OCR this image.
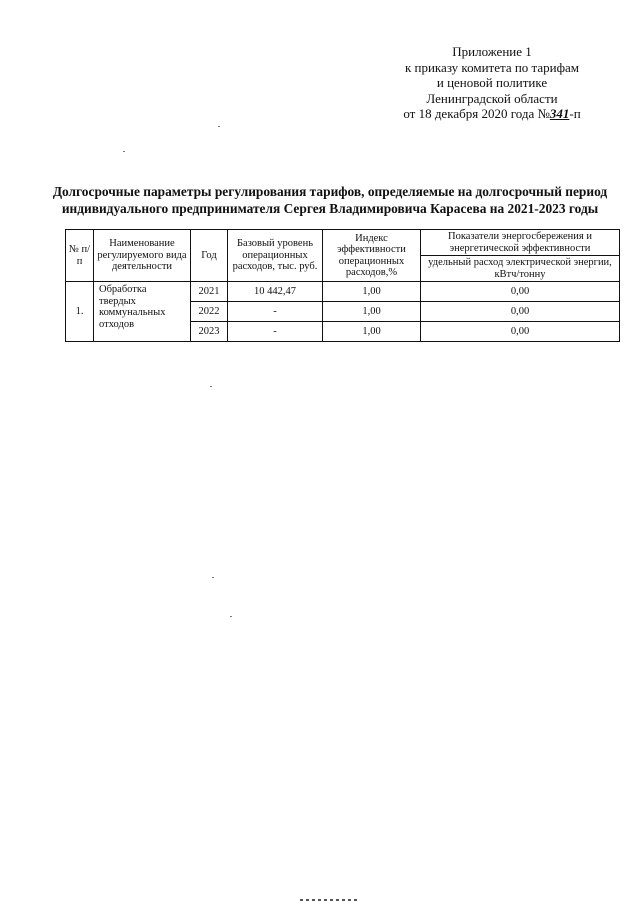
Приложение 1
к приказу комитета по тарифам
и ценовой политике
Ленинградской области
от 18 декабря 2020 года №341-п
Долгосрочные параметры регулирования тарифов, определяемые на долгосрочный период
индивидуального предпринимателя Сергея Владимировича Карасева на 2021-2023 годы
№ п/п	Наименование регулируемого вида деятельности	Год	Базовый уровень операционных расходов, тыс. руб.	Индекс эффективности операционных расходов,%	Показатели энергосбережения и энергетической эффективности
					удельный расход электрической энергии, кВтч/тонну
1.	Обработка твердых коммунальных отходов	2021	10 442,47	1,00	0,00
		2022	-	1,00	0,00
		2023	-	1,00	0,00
